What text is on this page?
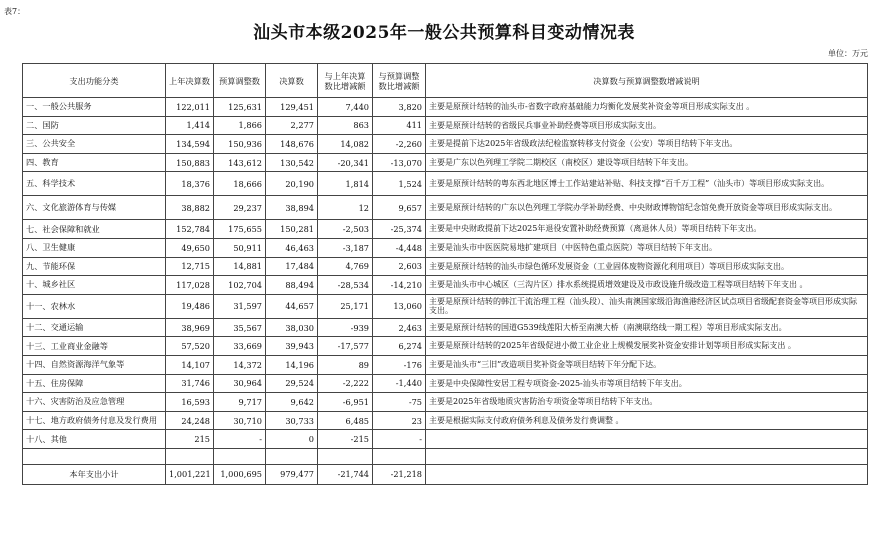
表7：
汕头市本级2025年一般公共预算科目变动情况表
单位：万元
支出功能分类	上年决算数	预算调整数	决算数	与上年决算数比增减额	与预算调整数比增减额	决算数与预算调整数增减说明
一、一般公共服务	122,011	125,631	129,451	7,440	3,820	主要是原预计结转的汕头市-省数字政府基础能力均衡化发展奖补资金等项目形成实际支出 。
二、国防	1,414	1,866	2,277	863	411	主要是原预计结转的省级民兵事业补助经费等项目形成实际支出。
三、公共安全	134,594	150,936	148,676	14,082	-2,260	主要是提前下达2025年省级政法纪检监察转移支付资金（公安）等项目结转下年支出。
四、教育	150,883	143,612	130,542	-20,341	-13,070	主要是广东以色列理工学院二期校区（南校区）建设等项目结转下年支出。
五、科学技术	18,376	18,666	20,190	1,814	1,524	主要是原预计结转的粤东西北地区博士工作站建站补贴、科技支撑“百千万工程”（汕头市）等项目形成实际支出。
六、文化旅游体育与传媒	38,882	29,237	38,894	12	9,657	主要是原预计结转的广东以色列理工学院办学补助经费、中央财政博物馆纪念馆免费开放资金等项目形成实际支出。
七、社会保障和就业	152,784	175,655	150,281	-2,503	-25,374	主要是中央财政提前下达2025年退役安置补助经费预算（离退休人员）等项目结转下年支出。
八、卫生健康	49,650	50,911	46,463	-3,187	-4,448	主要是汕头市中医医院易地扩建项目（中医特色重点医院）等项目结转下年支出。
九、节能环保	12,715	14,881	17,484	4,769	2,603	主要是原预计结转的汕头市绿色循环发展资金（工业固体废物资源化利用项目）等项目形成实际支出。
十、城乡社区	117,028	102,704	88,494	-28,534	-14,210	主要是汕头市中心城区（三沟片区）排水系统提质增效建设及市政设施升级改造工程等项目结转下年支出 。
十一、农林水	19,486	31,597	44,657	25,171	13,060	主要是原预计结转的韩江干流治理工程（汕头段）、汕头南澳国家级沿海渔港经济区试点项目省级配套资金等项目形成实际支出。
十二、交通运输	38,969	35,567	38,030	-939	2,463	主要是原预计结转的国道G539线莲阳大桥至南澳大桥（南澳联络线一期工程）等项目形成实际支出。
十三、工业商业金融等	57,520	33,669	39,943	-17,577	6,274	主要是原预计结转的2025年省级促进小微工业企业上规模发展奖补资金安排计划等项目形成实际支出 。
十四、自然资源海洋气象等	14,107	14,372	14,196	89	-176	主要是汕头市“三旧”改造项目奖补资金等项目结转下年分配下达。
十五、住房保障	31,746	30,964	29,524	-2,222	-1,440	主要是中央保障性安居工程专项资金-2025-汕头市等项目结转下年支出。
十六、灾害防治及应急管理	16,593	9,717	9,642	-6,951	-75	主要是2025年省级地质灾害防治专项资金等项目结转下年支出。
十七、地方政府债务付息及发行费用	24,248	30,710	30,733	6,485	23	主要是根据实际支付政府债务利息及债务发行费调整 。
十八、其他	215	-	0	-215	-	

本年支出小计	1,001,221	1,000,695	979,477	-21,744	-21,218	
